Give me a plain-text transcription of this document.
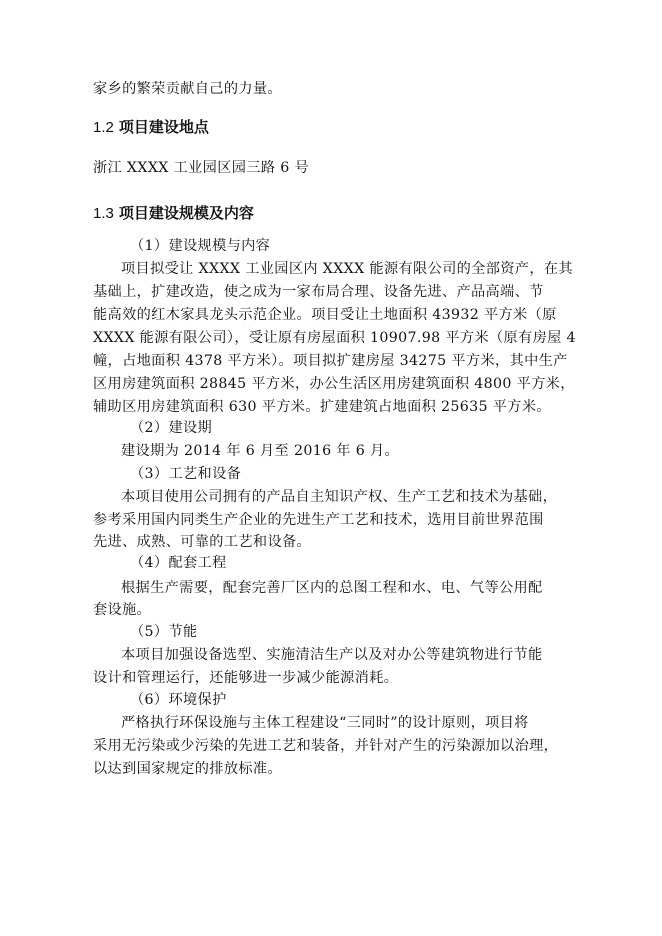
家乡的繁荣贡献自己的力量。
1.2 项目建设地点
浙江 XXXX 工业园区园三路 6 号
1.3 项目建设规模及内容
（1）建设规模与内容
项目拟受让 XXXX 工业园区内 XXXX 能源有限公司的全部资产，在其
基础上，扩建改造，使之成为一家布局合理、设备先进、产品高端、节
能高效的红木家具龙头示范企业。项目受让土地面积 43932 平方米（原
XXXX 能源有限公司），受让原有房屋面积 10907.98 平方米（原有房屋 4
幢，占地面积 4378 平方米）。项目拟扩建房屋 34275 平方米，其中生产
区用房建筑面积 28845 平方米，办公生活区用房建筑面积 4800 平方米，
辅助区用房建筑面积 630 平方米。扩建建筑占地面积 25635 平方米。
（2）建设期
建设期为 2014 年 6 月至 2016 年 6 月。
（3）工艺和设备
本项目使用公司拥有的产品自主知识产权、生产工艺和技术为基础，
参考采用国内同类生产企业的先进生产工艺和技术，选用目前世界范围
先进、成熟、可靠的工艺和设备。
（4）配套工程
根据生产需要，配套完善厂区内的总图工程和水、电、气等公用配
套设施。
（5）节能
本项目加强设备选型、实施清洁生产以及对办公等建筑物进行节能
设计和管理运行，还能够进一步减少能源消耗。
（6）环境保护
严格执行环保设施与主体工程建设“三同时”的设计原则，项目将
采用无污染或少污染的先进工艺和装备，并针对产生的污染源加以治理，
以达到国家规定的排放标准。
